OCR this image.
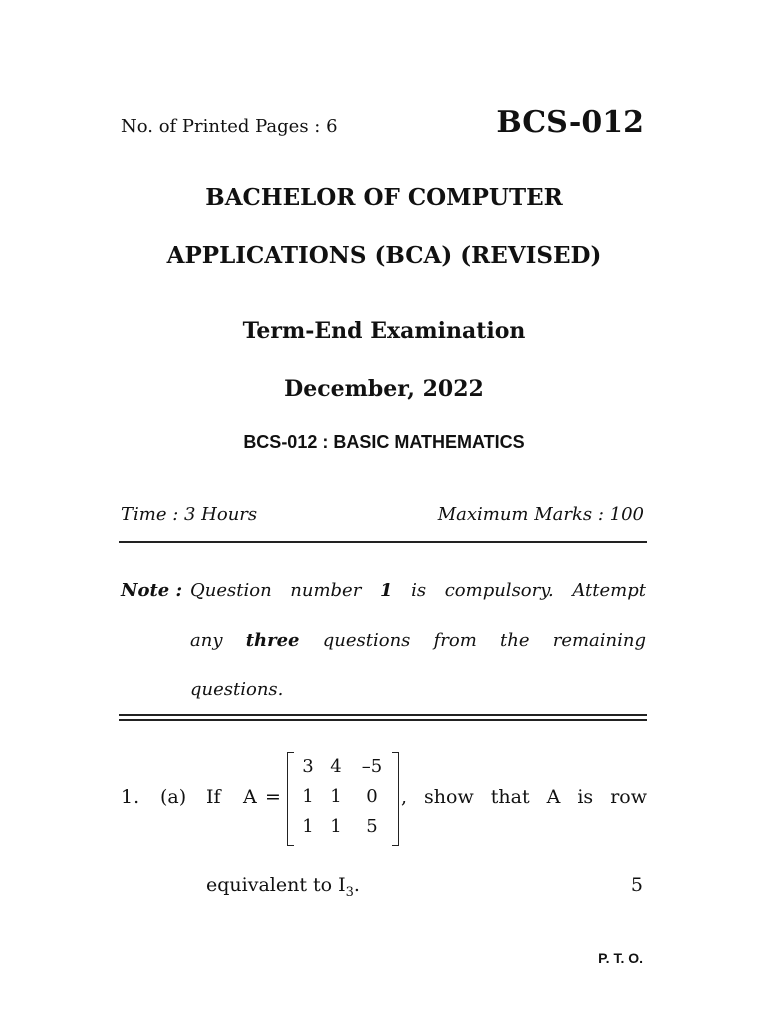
No. of Printed Pages : 6	BCS-012
BACHELOR OF COMPUTER
APPLICATIONS (BCA) (REVISED)
Term-End Examination
December, 2022
BCS-012 : BASIC MATHEMATICS
Time : 3 Hours	Maximum Marks : 100
Note : Question number 1 is compulsory. Attempt
any three questions from the remaining
questions.
1. (a) If A =
3 4	–5
1 1	0
1 1	5
, show that A is row
equivalent to $I_3$.	5
P. T. O.
